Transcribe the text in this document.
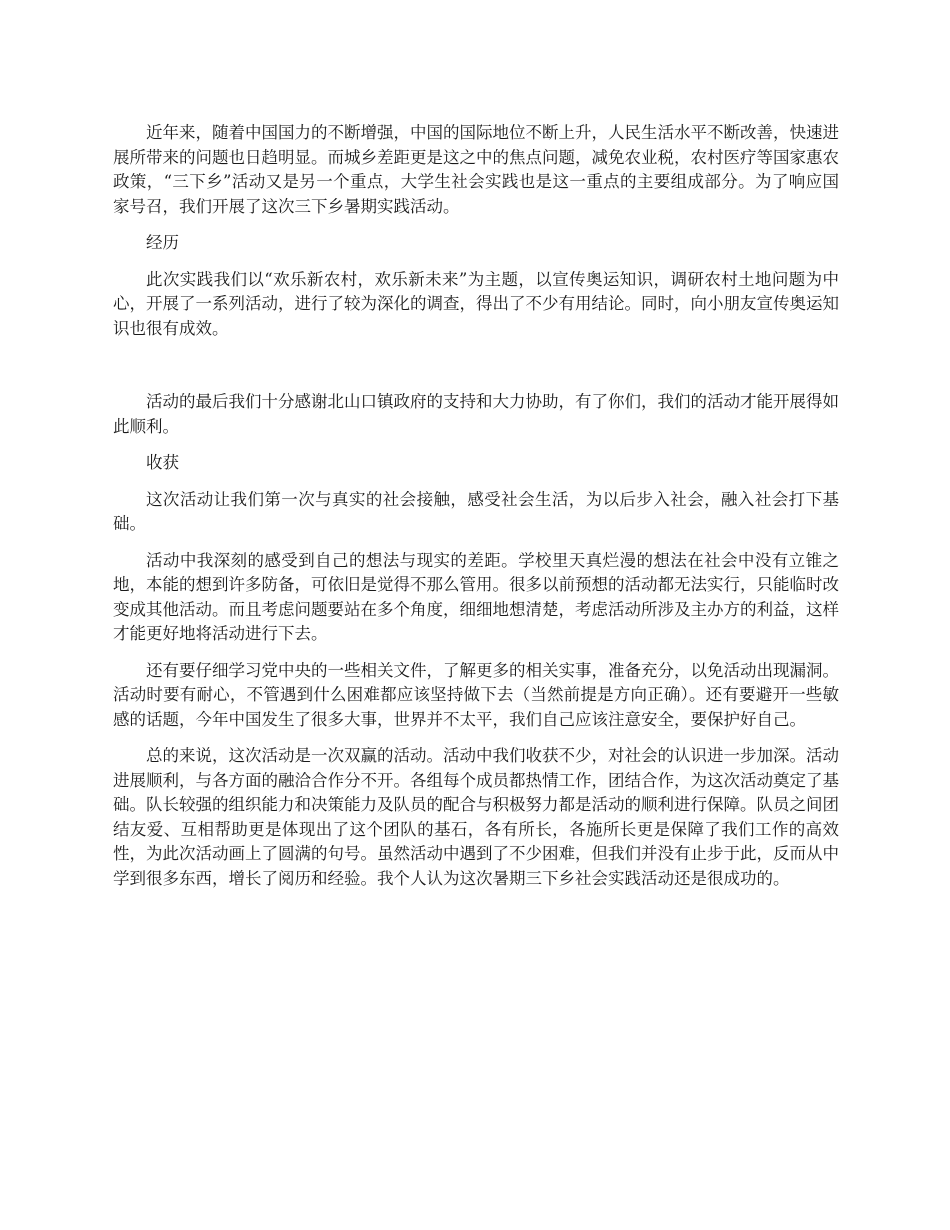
近年来，随着中国国力的不断增强，中国的国际地位不断上升，人民生活水平不断改善，快速进展所带来的问题也日趋明显。而城乡差距更是这之中的焦点问题，减免农业税，农村医疗等国家惠农政策，“三下乡”活动又是另一个重点，大学生社会实践也是这一重点的主要组成部分。为了响应国家号召，我们开展了这次三下乡暑期实践活动。

经历

此次实践我们以“欢乐新农村，欢乐新未来”为主题，以宣传奥运知识，调研农村土地问题为中心，开展了一系列活动，进行了较为深化的调查，得出了不少有用结论。同时，向小朋友宣传奥运知识也很有成效。

活动的最后我们十分感谢北山口镇政府的支持和大力协助，有了你们，我们的活动才能开展得如此顺利。

收获

这次活动让我们第一次与真实的社会接触，感受社会生活，为以后步入社会，融入社会打下基础。

活动中我深刻的感受到自己的想法与现实的差距。学校里天真烂漫的想法在社会中没有立锥之地，本能的想到许多防备，可依旧是觉得不那么管用。很多以前预想的活动都无法实行，只能临时改变成其他活动。而且考虑问题要站在多个角度，细细地想清楚，考虑活动所涉及主办方的利益，这样才能更好地将活动进行下去。

还有要仔细学习党中央的一些相关文件，了解更多的相关实事，准备充分，以免活动出现漏洞。活动时要有耐心，不管遇到什么困难都应该坚持做下去（当然前提是方向正确）。还有要避开一些敏感的话题，今年中国发生了很多大事，世界并不太平，我们自己应该注意安全，要保护好自己。

总的来说，这次活动是一次双赢的活动。活动中我们收获不少，对社会的认识进一步加深。活动进展顺利，与各方面的融洽合作分不开。各组每个成员都热情工作，团结合作，为这次活动奠定了基础。队长较强的组织能力和决策能力及队员的配合与积极努力都是活动的顺利进行保障。队员之间团结友爱、互相帮助更是体现出了这个团队的基石，各有所长，各施所长更是保障了我们工作的高效性，为此次活动画上了圆满的句号。虽然活动中遇到了不少困难，但我们并没有止步于此，反而从中学到很多东西，增长了阅历和经验。我个人认为这次暑期三下乡社会实践活动还是很成功的。
